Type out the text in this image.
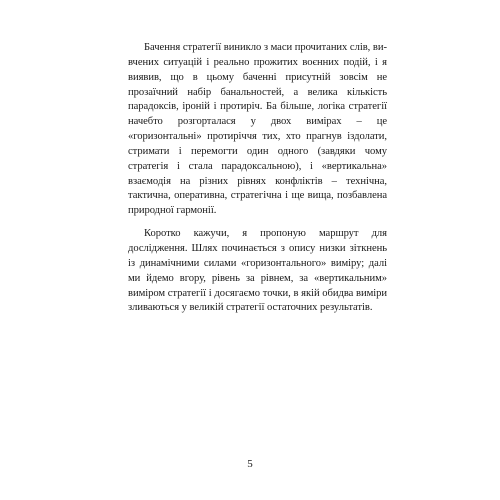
Бачення стратегії виникло з маси прочитаних слів, вивчених ситуацій і реально прожитих воєнних подій, і я виявив, що в цьому баченні присутній зовсім не прозаїчний набір банальностей, а велика кількість парадоксів, іроній і протиріч. Ба більше, логіка стратегії начебто розгорталася у двох вимірах – це «горизонтальні» протиріччя тих, хто прагнув іздолати, стримати і перемогти один одного (завдяки чому стратегія і стала парадоксальною), і «вертикальна» взаємодія на різних рівнях конфліктів – технічна, тактична, оперативна, стратегічна і ще вища, позбавлена природної гармонії.

Коротко кажучи, я пропоную маршрут для дослідження. Шлях починається з опису низки зіткнень із динамічними силами «горизонтального» виміру; далі ми йдемо вгору, рівень за рівнем, за «вертикальним» виміром стратегії і досягаємо точки, в якій обидва виміри зливаються у великій стратегії остаточних результатів.

5
